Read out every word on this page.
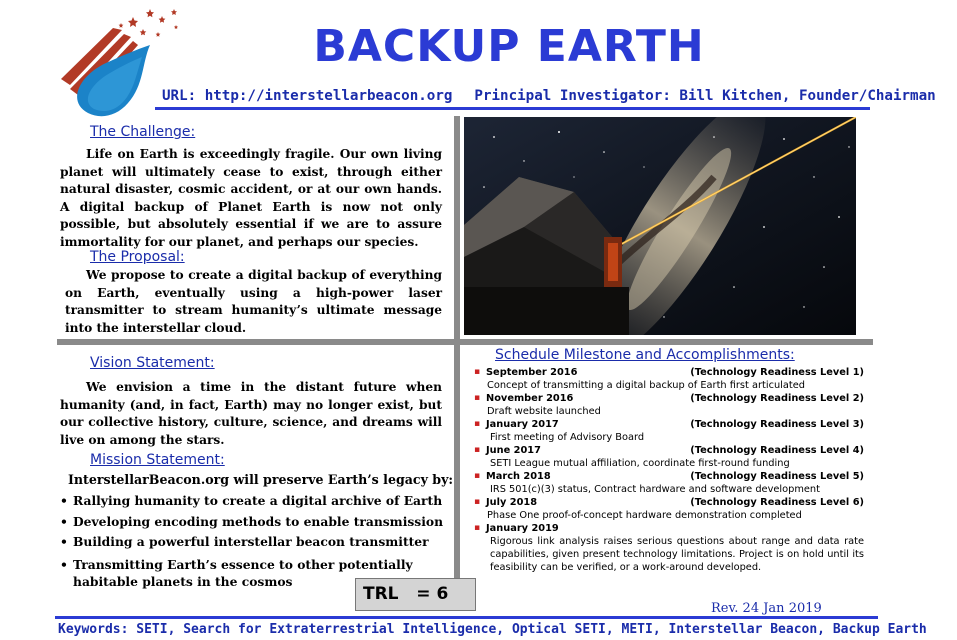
BACKUP EARTH
URL: http://interstellarbeacon.org Principal Investigator: Bill Kitchen, Founder/Chairman
The Challenge:
Life on Earth is exceedingly fragile. Our own living planet will ultimately cease to exist, through either natural disaster, cosmic accident, or at our own hands. A digital backup of Planet Earth is now not only possible, but absolutely essential if we are to assure immortality for our planet, and perhaps our species.
The Proposal:
We propose to create a digital backup of everything on Earth, eventually using a high-power laser transmitter to stream humanity’s ultimate message into the interstellar cloud.
Vision Statement:
We envision a time in the distant future when humanity (and, in fact, Earth) may no longer exist, but our collective history, culture, science, and dreams will live on among the stars.
Mission Statement:
InterstellarBeacon.org will preserve Earth’s legacy by:
• Rallying humanity to create a digital archive of Earth
• Developing encoding methods to enable transmission
• Building a powerful interstellar beacon transmitter
• Transmitting Earth’s essence to other potentially habitable planets in the cosmos
Schedule Milestone and Accomplishments:
▪ September 2016	(Technology Readiness Level 1)
Concept of transmitting a digital backup of Earth first articulated
▪ November 2016	(Technology Readiness Level 2)
Draft website launched
▪ January 2017	(Technology Readiness Level 3)
First meeting of Advisory Board
▪ June 2017	(Technology Readiness Level 4)
SETI League mutual affiliation, coordinate first-round funding
▪ March 2018	(Technology Readiness Level 5)
IRS 501(c)(3) status, Contract hardware and software development
▪ July 2018	(Technology Readiness Level 6)
Phase One proof-of-concept hardware demonstration completed
▪ January 2019
Rigorous link analysis raises serious questions about range and data rate capabilities, given present technology limitations. Project is on hold until its feasibility can be verified, or a work-around developed.
TRL = 6
Rev. 24 Jan 2019
Keywords: SETI, Search for Extraterrestrial Intelligence, Optical SETI, METI, Interstellar Beacon, Backup Earth
